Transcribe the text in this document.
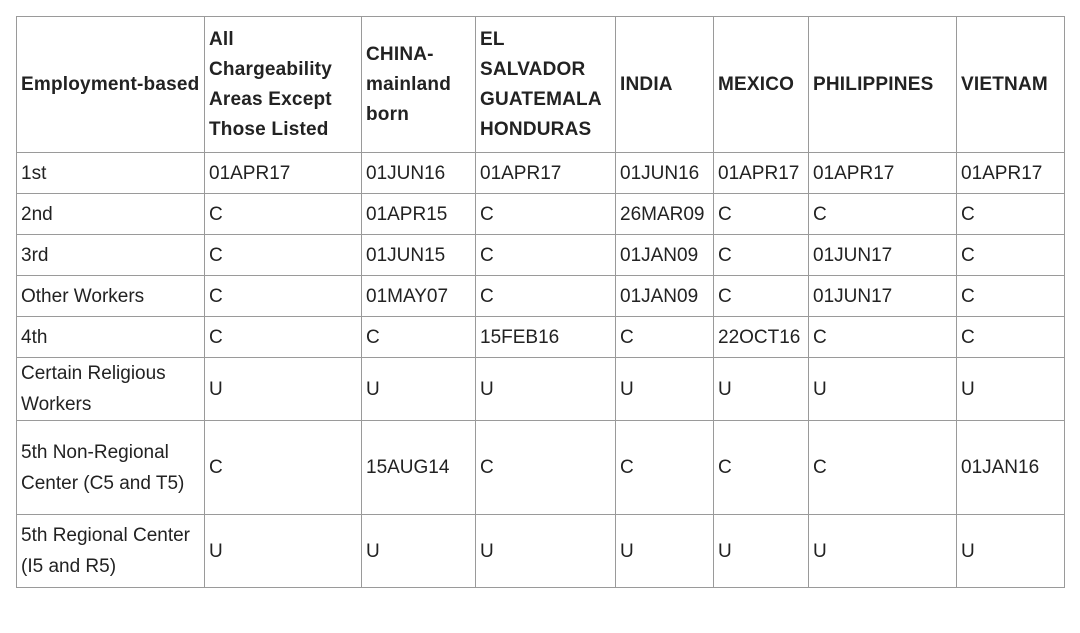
Employment-based	All Chargeability Areas Except Those Listed	CHINA-mainland born	EL SALVADOR GUATEMALA HONDURAS	INDIA	MEXICO	PHILIPPINES	VIETNAM
1st	01APR17	01JUN16	01APR17	01JUN16	01APR17	01APR17	01APR17
2nd	C	01APR15	C	26MAR09	C	C	C
3rd	C	01JUN15	C	01JAN09	C	01JUN17	C
Other Workers	C	01MAY07	C	01JAN09	C	01JUN17	C
4th	C	C	15FEB16	C	22OCT16	C	C
Certain Religious Workers	U	U	U	U	U	U	U
5th Non-Regional Center (C5 and T5)	C	15AUG14	C	C	C	C	01JAN16
5th Regional Center (I5 and R5)	U	U	U	U	U	U	U
